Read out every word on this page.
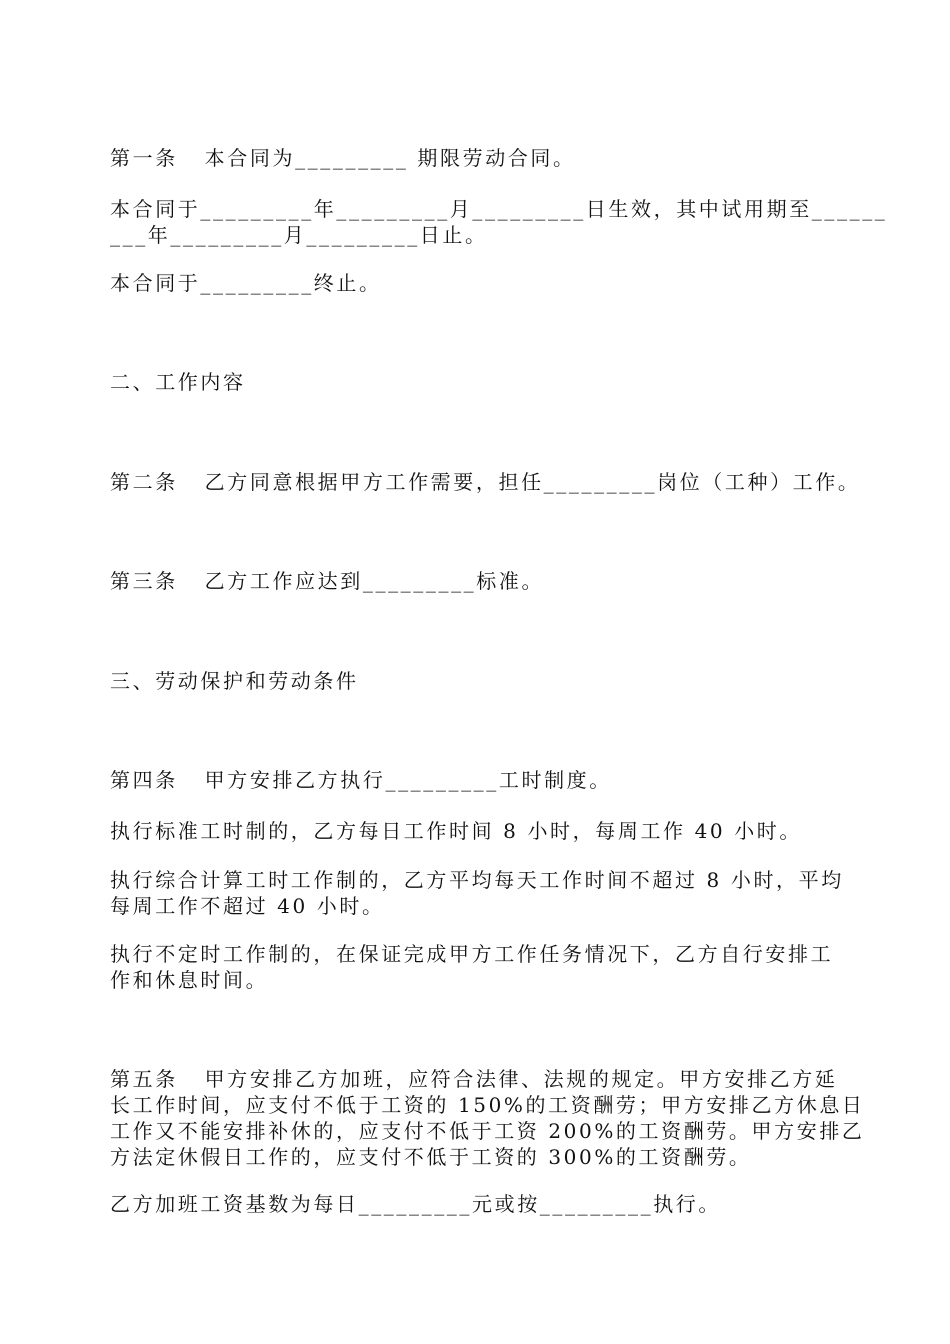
第一条   本合同为_________ 期限劳动合同。

本合同于_________年_________月_________日生效，其中试用期至______

___年_________月_________日止。

本合同于_________终止。

二、工作内容

第二条   乙方同意根据甲方工作需要，担任_________岗位（工种）工作。

第三条   乙方工作应达到_________标准。

三、劳动保护和劳动条件

第四条   甲方安排乙方执行_________工时制度。

执行标准工时制的，乙方每日工作时间 8 小时，每周工作 40 小时。

执行综合计算工时工作制的，乙方平均每天工作时间不超过 8 小时，平均

每周工作不超过 40 小时。

执行不定时工作制的，在保证完成甲方工作任务情况下，乙方自行安排工

作和休息时间。

第五条   甲方安排乙方加班，应符合法律、法规的规定。甲方安排乙方延

长工作时间，应支付不低于工资的 150%的工资酬劳；甲方安排乙方休息日

工作又不能安排补休的，应支付不低于工资 200%的工资酬劳。甲方安排乙

方法定休假日工作的，应支付不低于工资的 300%的工资酬劳。

乙方加班工资基数为每日_________元或按_________执行。
